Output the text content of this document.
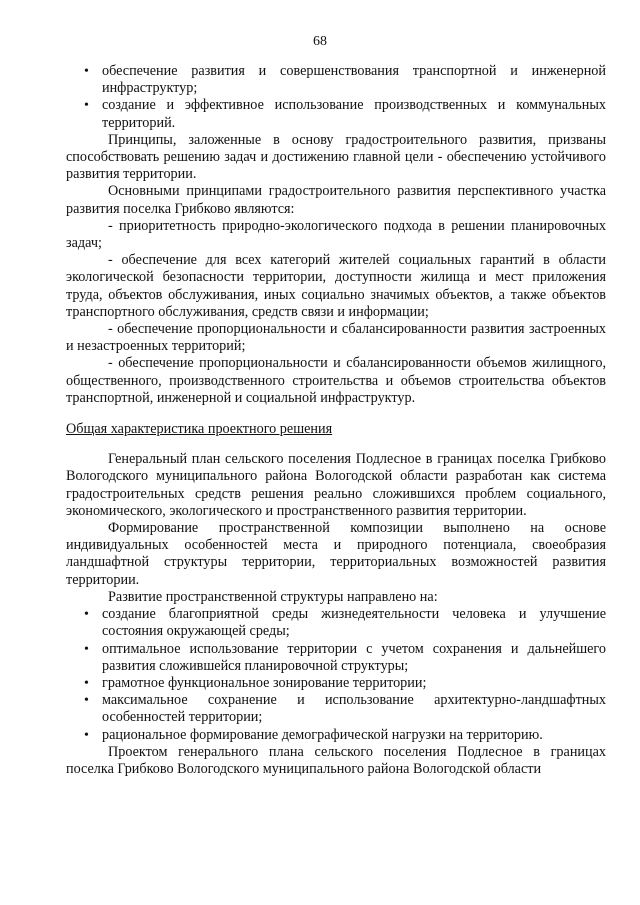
68
• обеспечение развития и совершенствования транспортной и инженерной инфраструктур;
• создание и эффективное использование производственных и коммунальных территорий.

Принципы, заложенные в основу градостроительного развития, призваны способствовать решению задач и достижению главной цели - обеспечению устойчивого развития территории.

Основными принципами градостроительного развития перспективного участка развития поселка Грибково являются:

- приоритетность природно-экологического подхода в решении планировочных задач;

- обеспечение для всех категорий жителей социальных гарантий в области экологической безопасности территории, доступности жилища и мест приложения труда, объектов обслуживания, иных социально значимых объектов, а также объектов транспортного обслуживания, средств связи и информации;

- обеспечение пропорциональности и сбалансированности развития застроенных и незастроенных территорий;

- обеспечение пропорциональности и сбалансированности объемов жилищного, общественного, производственного строительства и объемов строительства объектов транспортной, инженерной и социальной инфраструктур.

Общая характеристика проектного решения

Генеральный план сельского поселения Подлесное в границах поселка Грибково Вологодского муниципального района Вологодской области разработан как система градостроительных средств решения реально сложившихся проблем социального, экономического, экологического и пространственного развития территории.

Формирование пространственной композиции выполнено на основе индивидуальных особенностей места и природного потенциала, своеобразия ландшафтной структуры территории, территориальных возможностей развития территории.

Развитие пространственной структуры направлено на:

• создание благоприятной среды жизнедеятельности человека и улучшение состояния окружающей среды;
• оптимальное использование территории с учетом сохранения и дальнейшего развития сложившейся планировочной структуры;
• грамотное функциональное зонирование территории;
• максимальное сохранение и использование архитектурно-ландшафтных особенностей территории;
• рациональное формирование демографической нагрузки на территорию.

Проектом генерального плана сельского поселения Подлесное в границах поселка Грибково Вологодского муниципального района Вологодской области
